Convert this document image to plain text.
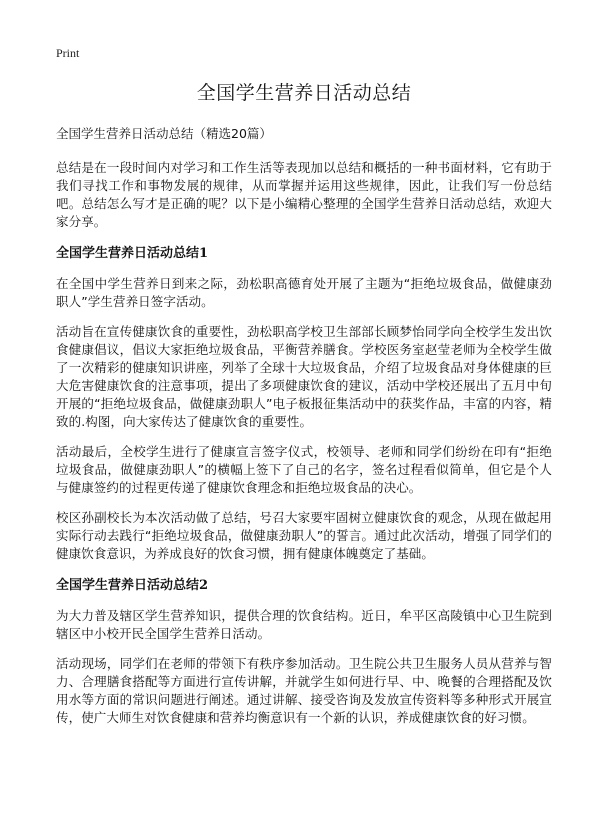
Print
全国学生营养日活动总结
全国学生营养日活动总结（精选20篇）

总结是在一段时间内对学习和工作生活等表现加以总结和概括的一种书面材料，它有助于我们寻找工作和事物发展的规律，从而掌握并运用这些规律，因此，让我们写一份总结吧。总结怎么写才是正确的呢？以下是小编精心整理的全国学生营养日活动总结，欢迎大家分享。

全国学生营养日活动总结1

在全国中学生营养日到来之际，劲松职高德育处开展了主题为“拒绝垃圾食品，做健康劲职人”学生营养日签字活动。

活动旨在宣传健康饮食的重要性，劲松职高学校卫生部部长顾梦怡同学向全校学生发出饮食健康倡议，倡议大家拒绝垃圾食品，平衡营养膳食。学校医务室赵莹老师为全校学生做了一次精彩的健康知识讲座，列举了全球十大垃圾食品，介绍了垃圾食品对身体健康的巨大危害健康饮食的注意事项，提出了多项健康饮食的建议，活动中学校还展出了五月中旬开展的“拒绝垃圾食品，做健康劲职人”电子板报征集活动中的获奖作品，丰富的内容，精致的.构图，向大家传达了健康饮食的重要性。

活动最后，全校学生进行了健康宣言签字仪式，校领导、老师和同学们纷纷在印有“拒绝垃圾食品，做健康劲职人”的横幅上签下了自己的名字，签名过程看似简单，但它是个人与健康签约的过程更传递了健康饮食理念和拒绝垃圾食品的决心。

校区孙副校长为本次活动做了总结，号召大家要牢固树立健康饮食的观念，从现在做起用实际行动去践行“拒绝垃圾食品，做健康劲职人”的誓言。通过此次活动，增强了同学们的健康饮食意识，为养成良好的饮食习惯，拥有健康体魄奠定了基础。

全国学生营养日活动总结2

为大力普及辖区学生营养知识，提供合理的饮食结构。近日，牟平区高陵镇中心卫生院到辖区中小校开民全国学生营养日活动。

活动现场，同学们在老师的带领下有秩序参加活动。卫生院公共卫生服务人员从营养与智力、合理膳食搭配等方面进行宣传讲解，并就学生如何进行早、中、晚餐的合理搭配及饮用水等方面的常识问题进行阐述。通过讲解、接受咨询及发放宣传资料等多种形式开展宣传，使广大师生对饮食健康和营养均衡意识有一个新的认识，养成健康饮食的好习惯。
